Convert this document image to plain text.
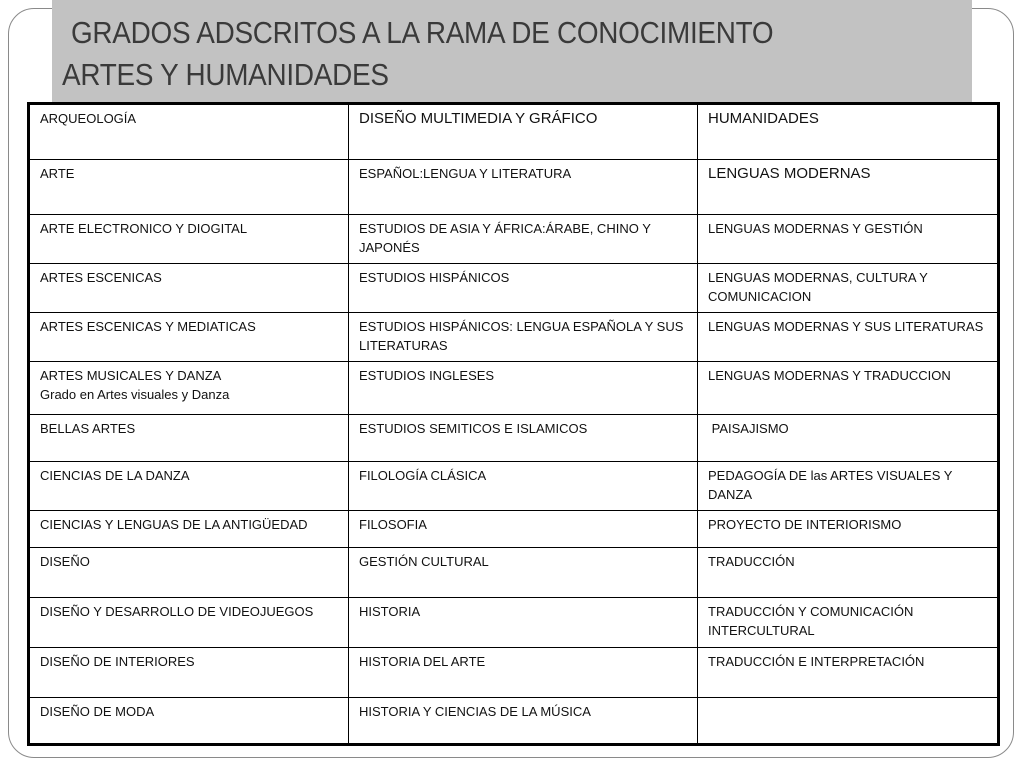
GRADOS ADSCRITOS A LA RAMA DE CONOCIMIENTO
ARTES Y HUMANIDADES
ARQUEOLOGÍA	DISEÑO MULTIMEDIA Y GRÁFICO	HUMANIDADES

ARTE	ESPAÑOL:LENGUA Y LITERATURA	LENGUAS MODERNAS

ARTE ELECTRONICO Y DIOGITAL	ESTUDIOS DE ASIA Y ÁFRICA:ÁRABE, CHINO Y JAPONÉS	LENGUAS MODERNAS Y GESTIÓN

ARTES ESCENICAS	ESTUDIOS HISPÁNICOS	LENGUAS MODERNAS, CULTURA Y COMUNICACION

ARTES ESCENICAS Y MEDIATICAS	ESTUDIOS HISPÁNICOS: LENGUA ESPAÑOLA Y SUS LITERATURAS	LENGUAS MODERNAS Y SUS LITERATURAS

ARTES MUSICALES Y DANZA
Grado en Artes visuales y Danza	ESTUDIOS INGLESES	LENGUAS MODERNAS Y TRADUCCION

BELLAS ARTES	ESTUDIOS SEMITICOS E ISLAMICOS	PAISAJISMO

CIENCIAS DE LA DANZA	FILOLOGÍA CLÁSICA	PEDAGOGÍA DE las ARTES VISUALES Y DANZA

CIENCIAS Y LENGUAS DE LA ANTIGÜEDAD	FILOSOFIA	PROYECTO DE INTERIORISMO

DISEÑO	GESTIÓN CULTURAL	TRADUCCIÓN

DISEÑO Y DESARROLLO DE VIDEOJUEGOS	HISTORIA	TRADUCCIÓN Y COMUNICACIÓN INTERCULTURAL

DISEÑO DE INTERIORES	HISTORIA DEL ARTE	TRADUCCIÓN E INTERPRETACIÓN

DISEÑO DE MODA	HISTORIA Y CIENCIAS DE LA MÚSICA	
